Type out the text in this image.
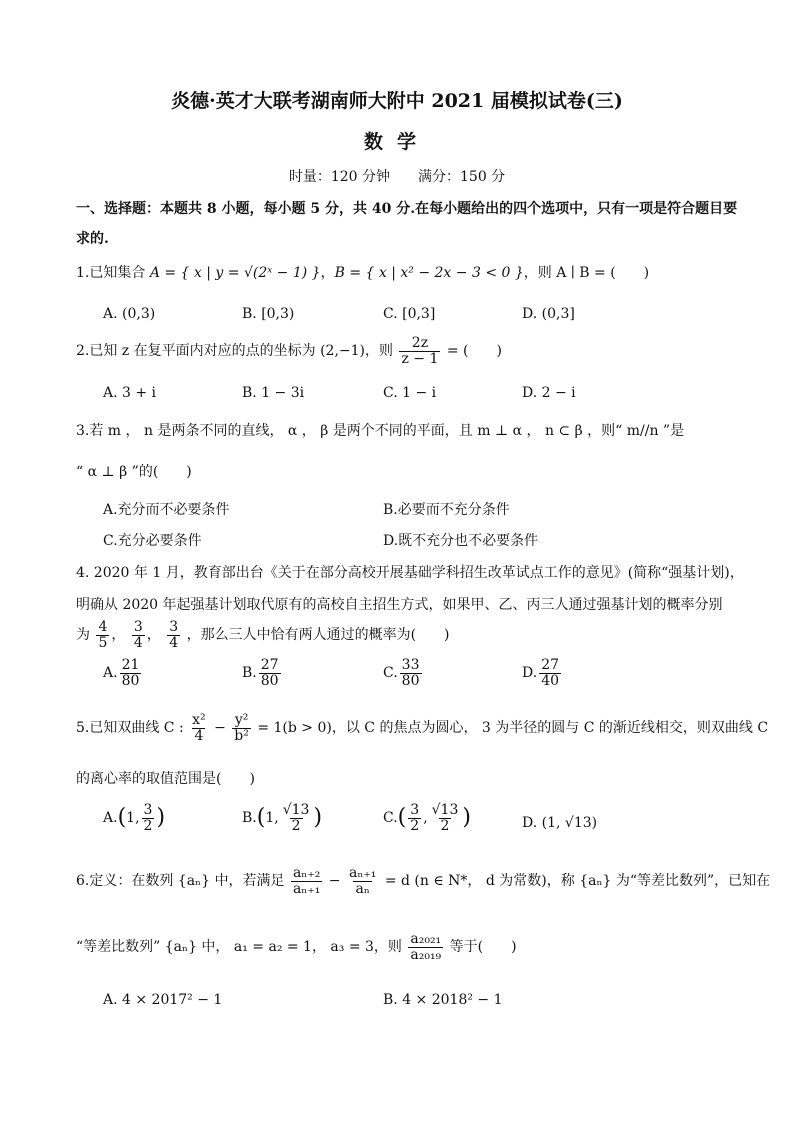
炎德·英才大联考湖南师大附中 2021 届模拟试卷(三)
数学
时量：120 分钟　　满分：150 分
一、选择题：本题共 8 小题，每小题 5 分，共 40 分.在每小题给出的四个选项中，只有一项是符合题目要
求的.
1.已知集合 A = { x | y = √(2ˣ − 1) }，B = { x | x² − 2x − 3 < 0 }，则 A ∣ B = (　　)
A. (0,3)	B. [0,3)	C. [0,3]	D. (0,3]
2.已知 z 在复平面内对应的点的坐标为 (2,−1)，则 $\frac{2z}{z - 1}$ = (　　)
A. 3 + i	B. 1 − 3i	C. 1 − i	D. 2 − i
3.若 m ， n 是两条不同的直线， α ， β 是两个不同的平面，且 m ⊥ α ， n ⊂ β ，则“ m//n ”是
“ α ⊥ β ”的(　　)
A.充分而不必要条件	B.必要而不充分条件
C.充分必要条件	D.既不充分也不必要条件
4. 2020 年 1 月，教育部出台《关于在部分高校开展基础学科招生改革试点工作的意见》(简称“强基计划)，
明确从 2020 年起强基计划取代原有的高校自主招生方式，如果甲、乙、丙三人通过强基计划的概率分别
为 $\frac{4}{5}$ ， $\frac{3}{4}$ ， $\frac{3}{4}$ ，那么三人中恰有两人通过的概率为(　　)
A. $\frac{21}{80}$	B. $\frac{27}{80}$	C. $\frac{33}{80}$	D. $\frac{27}{40}$
5.已知双曲线 C : $\frac{\text{x²}}{4} - \frac{\text{y²}}{\text{b²}} = 1(b > 0)$，以 C 的焦点为圆心， 3 为半径的圆与 C 的渐近线相交，则双曲线 C
的离心率的取值范围是(　　)
A.(1, $\frac{3}{2}$ )	B.(1, $\frac{√13}{2}$ )	$C.( \frac{3}{2}$ , $\frac{√13}{2}$ )	D. (1, √13)
6.定义：在数列 {aₙ} 中，若满足 $\frac{\text{aₙ₊₂}}{\text{aₙ₊₁}} - \frac{\text{aₙ₊₁}}{\text{aₙ}} = d$ (n ∈ N*， d 为常数)，称 {aₙ} 为“等差比数列”，已知在
“等差比数列” {aₙ} 中， a₁ = a₂ = 1， a₃ = 3，则 $\frac{\text{a₂₀₂₁}}{\text{a₂₀₁₉}}$ 等于(　　)
A. 4 × 2017² − 1	B. 4 × 2018² − 1
